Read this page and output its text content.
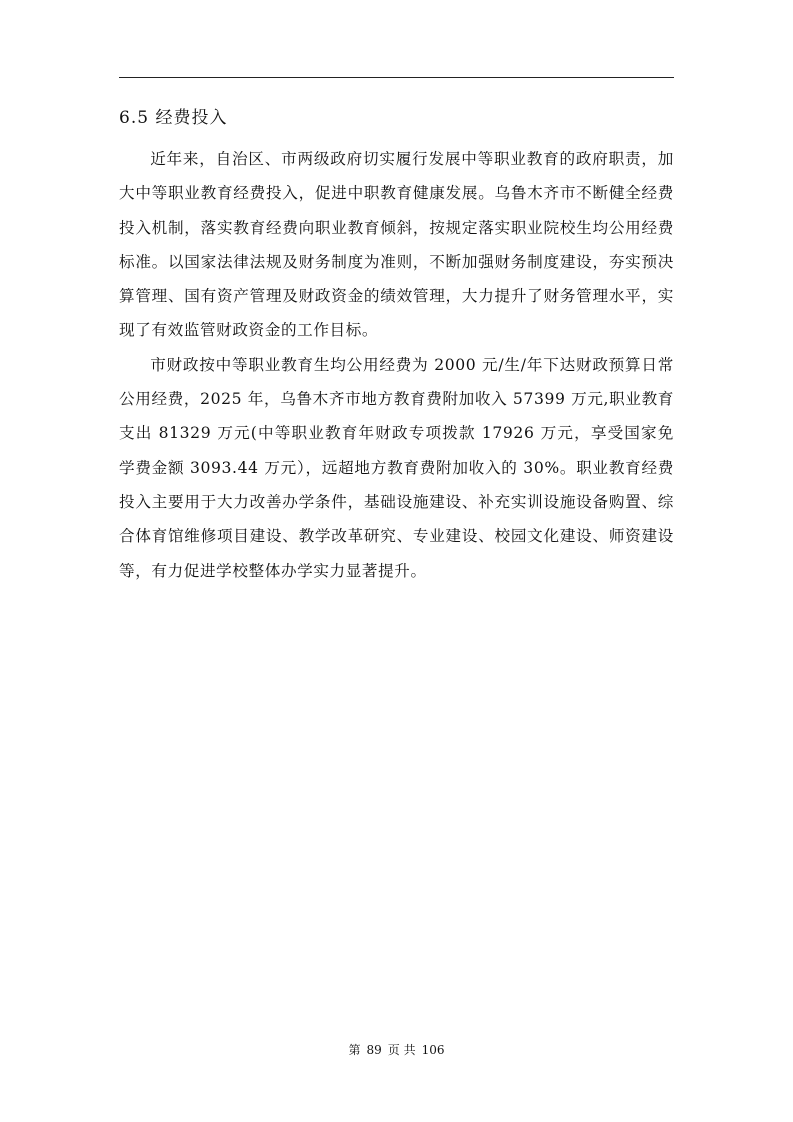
6.5 经费投入

近年来，自治区、市两级政府切实履行发展中等职业教育的政府职责，加大中等职业教育经费投入，促进中职教育健康发展。乌鲁木齐市不断健全经费投入机制，落实教育经费向职业教育倾斜，按规定落实职业院校生均公用经费标准。以国家法律法规及财务制度为准则，不断加强财务制度建设，夯实预决算管理、国有资产管理及财政资金的绩效管理，大力提升了财务管理水平，实现了有效监管财政资金的工作目标。

市财政按中等职业教育生均公用经费为 2000 元/生/年下达财政预算日常公用经费，2025 年，乌鲁木齐市地方教育费附加收入 57399 万元,职业教育支出 81329 万元(中等职业教育年财政专项拨款 17926 万元，享受国家免学费金额 3093.44 万元），远超地方教育费附加收入的 30%。职业教育经费投入主要用于大力改善办学条件，基础设施建设、补充实训设施设备购置、综合体育馆维修项目建设、教学改革研究、专业建设、校园文化建设、师资建设等，有力促进学校整体办学实力显著提升。

第 89 页 共 106
